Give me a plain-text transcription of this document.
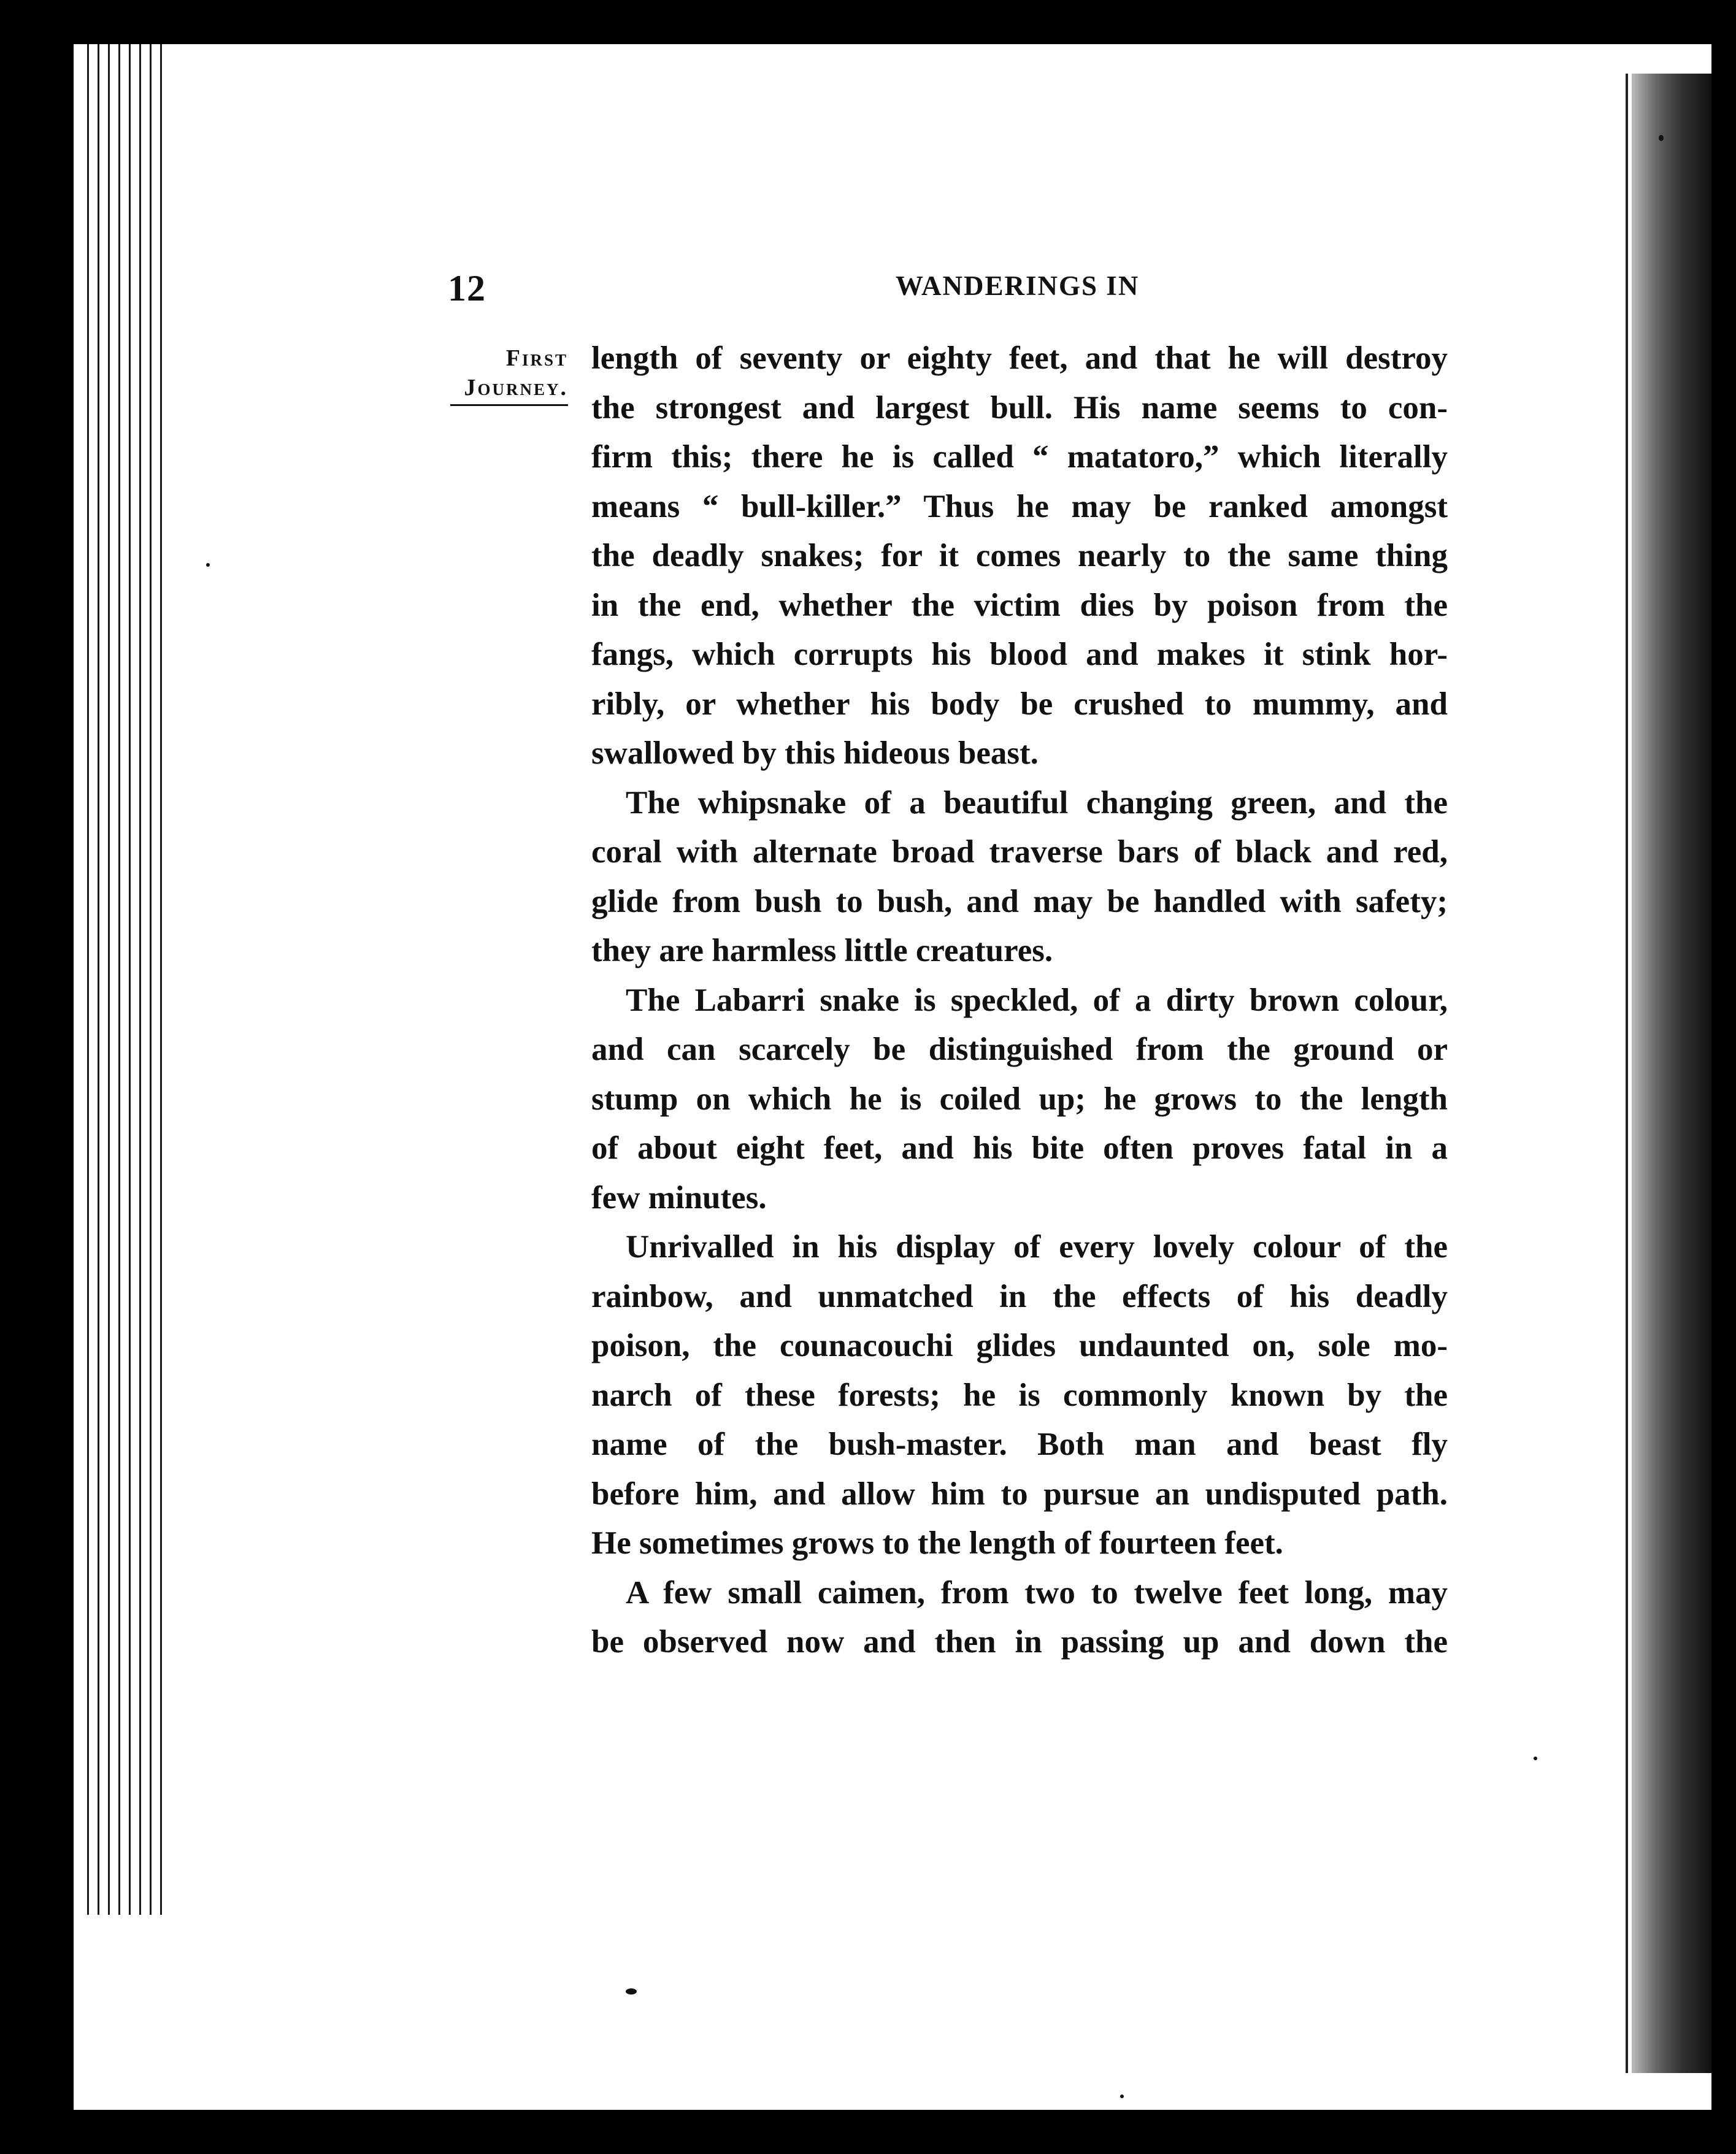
12	WANDERINGS IN
First
Journey.
length of seventy or eighty feet, and that he will destroy
the strongest and largest bull. His name seems to con-
firm this; there he is called “ matatoro,” which literally
means “ bull-killer.” Thus he may be ranked amongst
the deadly snakes; for it comes nearly to the same thing
in the end, whether the victim dies by poison from the
fangs, which corrupts his blood and makes it stink hor-
ribly, or whether his body be crushed to mummy, and
swallowed by this hideous beast.
The whipsnake of a beautiful changing green, and the
coral with alternate broad traverse bars of black and red,
glide from bush to bush, and may be handled with safety;
they are harmless little creatures.
The Labarri snake is speckled, of a dirty brown colour,
and can scarcely be distinguished from the ground or
stump on which he is coiled up; he grows to the length
of about eight feet, and his bite often proves fatal in a
few minutes.
Unrivalled in his display of every lovely colour of the
rainbow, and unmatched in the effects of his deadly
poison, the counacouchi glides undaunted on, sole mo-
narch of these forests; he is commonly known by the
name of the bush-master. Both man and beast fly
before him, and allow him to pursue an undisputed path.
He sometimes grows to the length of fourteen feet.
A few small caimen, from two to twelve feet long, may
be observed now and then in passing up and down the
